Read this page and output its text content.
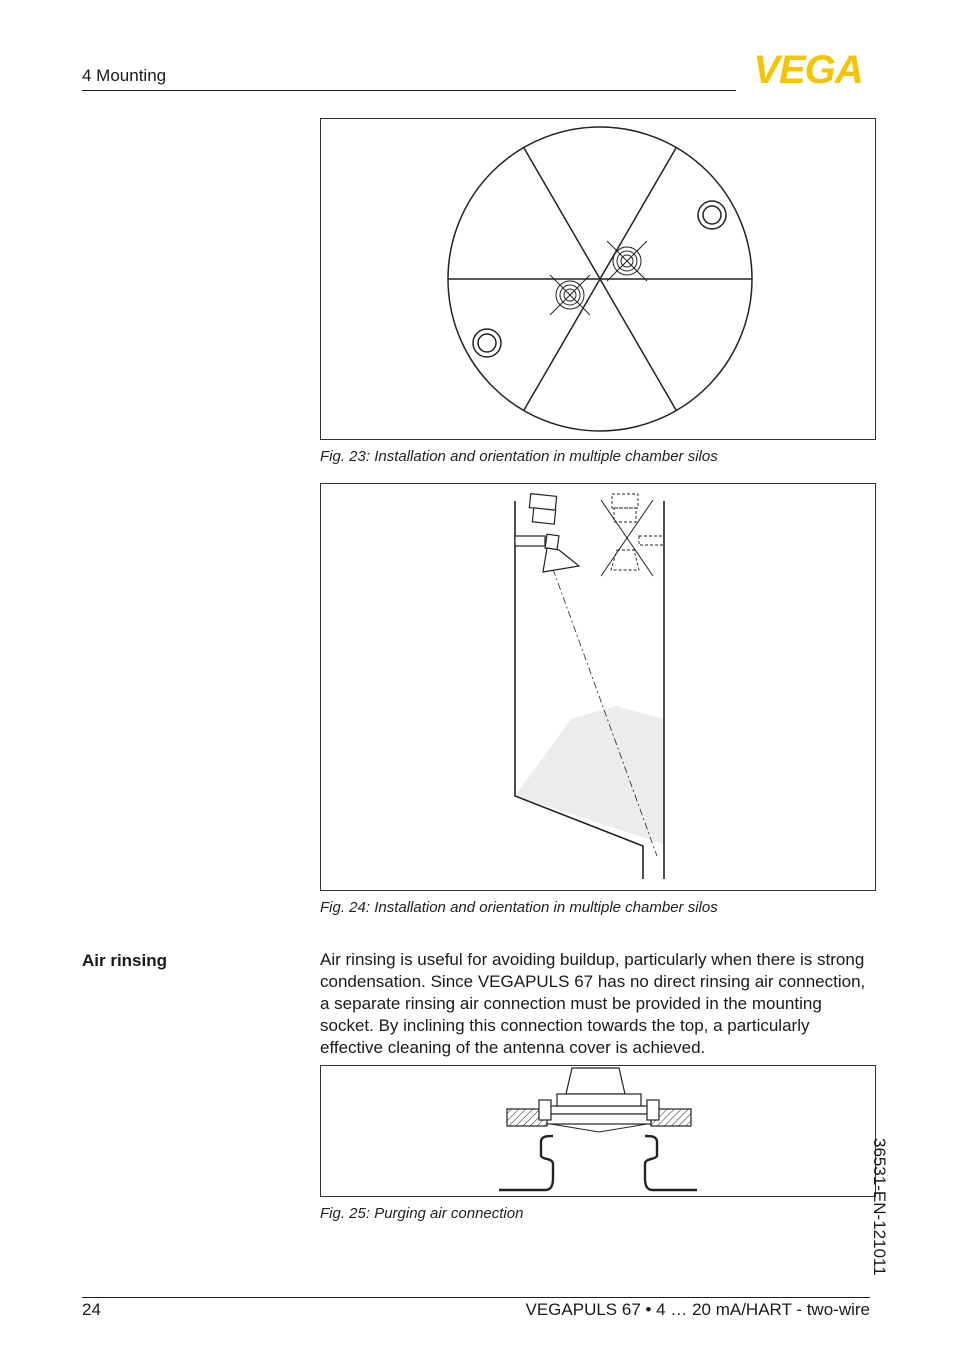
4 Mounting	VEGA
Fig. 23: Installation and orientation in multiple chamber silos
Fig. 24: Installation and orientation in multiple chamber silos
Air rinsing	Air rinsing is useful for avoiding buildup, particularly when there is strong condensation. Since VEGAPULS 67 has no direct rinsing air connection, a separate rinsing air connection must be provided in the mounting socket. By inclining this connection towards the top, a particularly effective cleaning of the antenna cover is achieved.
Fig. 25: Purging air connection	36531-EN-121011
24	VEGAPULS 67 • 4 … 20 mA/HART - two-wire
